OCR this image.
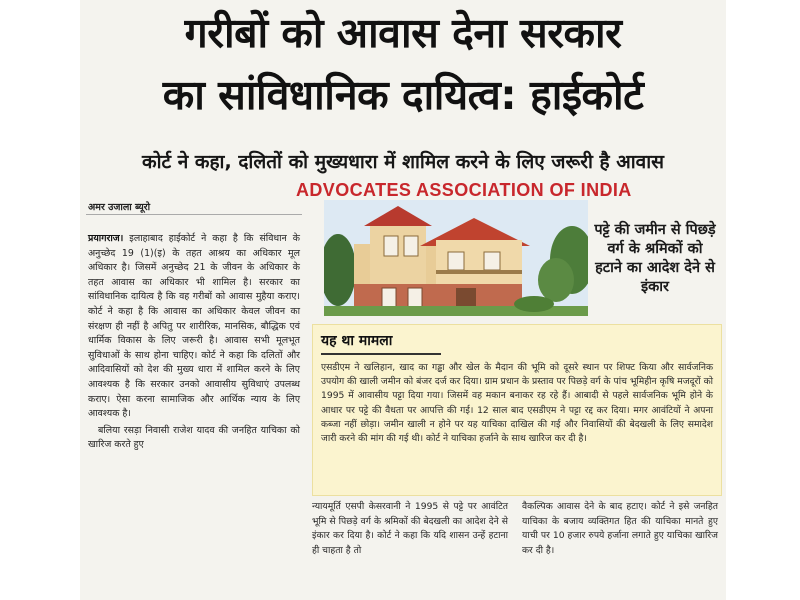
गरीबों को आवास देना सरकार
का सांविधानिक दायित्व: हाईकोर्ट
कोर्ट ने कहा, दलितों को मुख्यधारा में शामिल करने के लिए जरूरी है आवास
ADVOCATES ASSOCIATION OF INDIA
अमर उजाला ब्यूरो

प्रयागराज। इलाहाबाद हाईकोर्ट ने कहा है कि संविधान के अनुच्छेद 19 (1)(इ) के तहत आश्रय का अधिकार मूल अधिकार है। जिसमें अनुच्छेद 21 के जीवन के अधिकार के तहत आवास का अधिकार भी शामिल है। सरकार का सांविधानिक दायित्व है कि वह गरीबों को आवास मुहैया कराए। कोर्ट ने कहा है कि आवास का अधिकार केवल जीवन का संरक्षण ही नहीं है अपितु पर शारीरिक, मानसिक, बौद्धिक एवं धार्मिक विकास के लिए जरूरी है। आवास सभी मूलभूत सुविधाओं के साथ होना चाहिए। कोर्ट ने कहा कि दलितों और आदिवासियों को देश की मुख्य धारा में शामिल करने के लिए आवश्यक है कि सरकार उनको आवासीय सुविधाएं उपलब्ध कराए। ऐसा करना सामाजिक और आर्थिक न्याय के लिए आवश्यक है।

बलिया रसड़ा निवासी राजेश यादव की जनहित याचिका को खारिज करते हुए

पट्टे की जमीन से पिछड़े वर्ग के श्रमिकों को हटाने का आदेश देने से इंकार
यह था मामला
एसडीएम ने खलिहान, खाद का गड्ढा और खेल के मैदान की भूमि को दूसरे स्थान पर शिफ्ट किया और सार्वजनिक उपयोग की खाली जमीन को बंजर दर्ज कर दिया। ग्राम प्रधान के प्रस्ताव पर पिछड़े वर्ग के पांच भूमिहीन कृषि मजदूरों को 1995 में आवासीय पट्टा दिया गया। जिसमें वह मकान बनाकर रह रहे हैं। आबादी से पहले सार्वजनिक भूमि होने के आधार पर पट्टे की वैधता पर आपत्ति की गई। 12 साल बाद एसडीएम ने पट्टा रद्द कर दिया। मगर आवंटियों ने अपना कब्जा नहीं छोड़ा। जमीन खाली न होने पर यह याचिका दाखिल की गई और निवासियों की बेदखली के लिए समादेश जारी करने की मांग की गई थी। कोर्ट ने याचिका हर्जाने के साथ खारिज कर दी है।

न्यायमूर्ति एसपी केसरवानी ने 1995 से पट्टे पर आवंटित भूमि से पिछड़े वर्ग के श्रमिकों की बेदखली का आदेश देने से इंकार कर दिया है। कोर्ट ने कहा कि यदि शासन उन्हें हटाना ही चाहता है तो

वैकल्पिक आवास देने के बाद हटाए। कोर्ट ने इसे जनहित याचिका के बजाय व्यक्तिगत हित की याचिका मानते हुए याची पर 10 हजार रुपये हर्जाना लगाते हुए याचिका खारिज कर दी है।
